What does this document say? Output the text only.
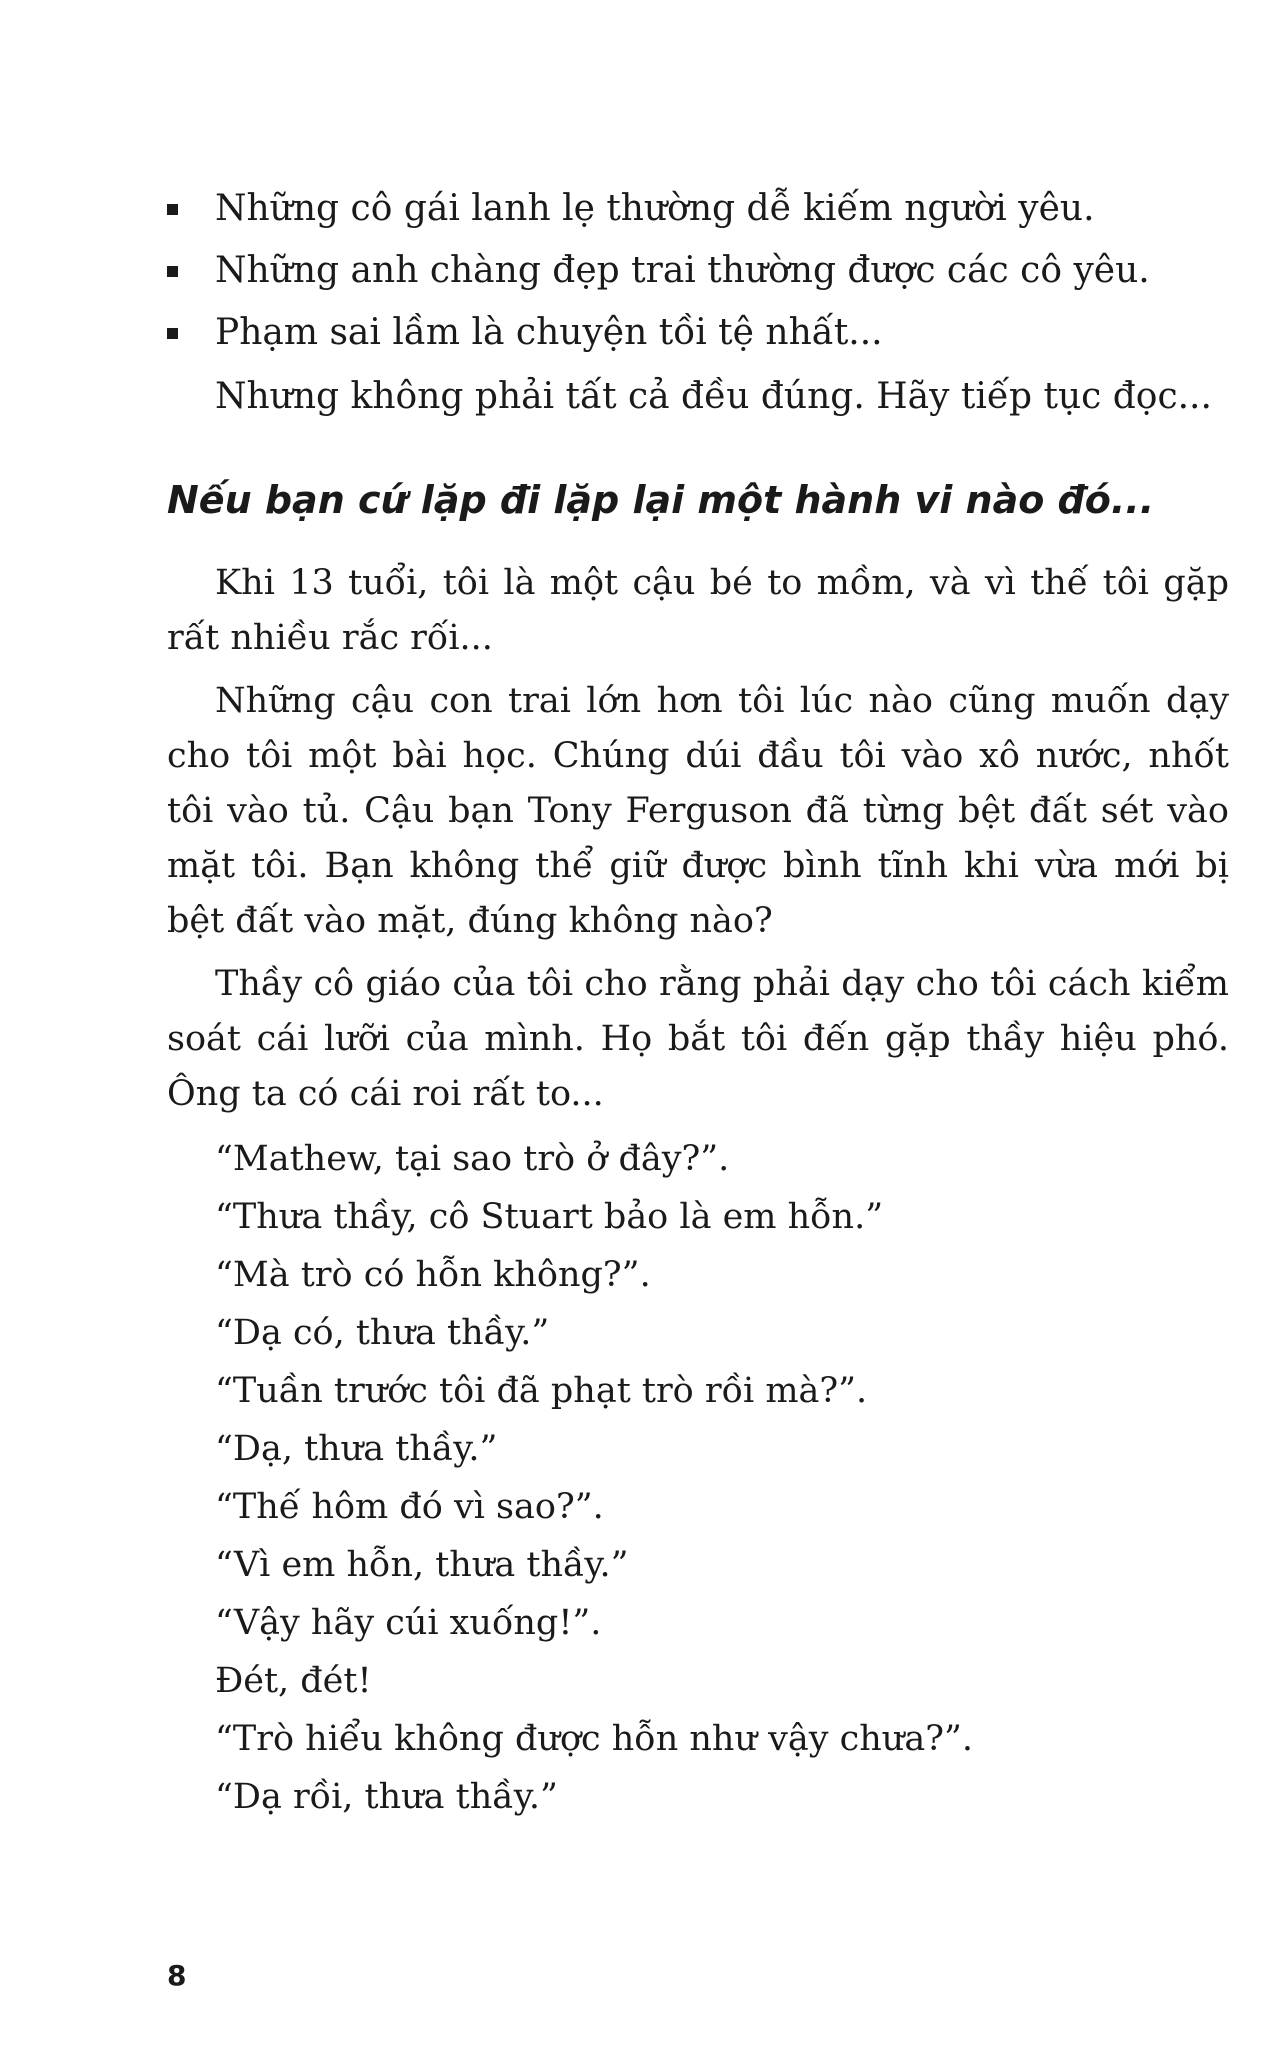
Những cô gái lanh lẹ thường dễ kiếm người yêu.
Những anh chàng đẹp trai thường được các cô yêu.
Phạm sai lầm là chuyện tồi tệ nhất...
Nhưng không phải tất cả đều đúng. Hãy tiếp tục đọc...
Nếu bạn cứ lặp đi lặp lại một hành vi nào đó...

Khi 13 tuổi, tôi là một cậu bé to mồm, và vì thế tôi gặp rất nhiều rắc rối...

Những cậu con trai lớn hơn tôi lúc nào cũng muốn dạy cho tôi một bài học. Chúng dúi đầu tôi vào xô nước, nhốt tôi vào tủ. Cậu bạn Tony Ferguson đã từng bệt đất sét vào mặt tôi. Bạn không thể giữ được bình tĩnh khi vừa mới bị bệt đất vào mặt, đúng không nào?

Thầy cô giáo của tôi cho rằng phải dạy cho tôi cách kiểm soát cái lưỡi của mình. Họ bắt tôi đến gặp thầy hiệu phó. Ông ta có cái roi rất to...

“Mathew, tại sao trò ở đây?”.

“Thưa thầy, cô Stuart bảo là em hỗn.”

“Mà trò có hỗn không?”.

“Dạ có, thưa thầy.”

“Tuần trước tôi đã phạt trò rồi mà?”.

“Dạ, thưa thầy.”

“Thế hôm đó vì sao?”.

“Vì em hỗn, thưa thầy.”

“Vậy hãy cúi xuống!”.

Đét, đét!

“Trò hiểu không được hỗn như vậy chưa?”.

“Dạ rồi, thưa thầy.”

8
